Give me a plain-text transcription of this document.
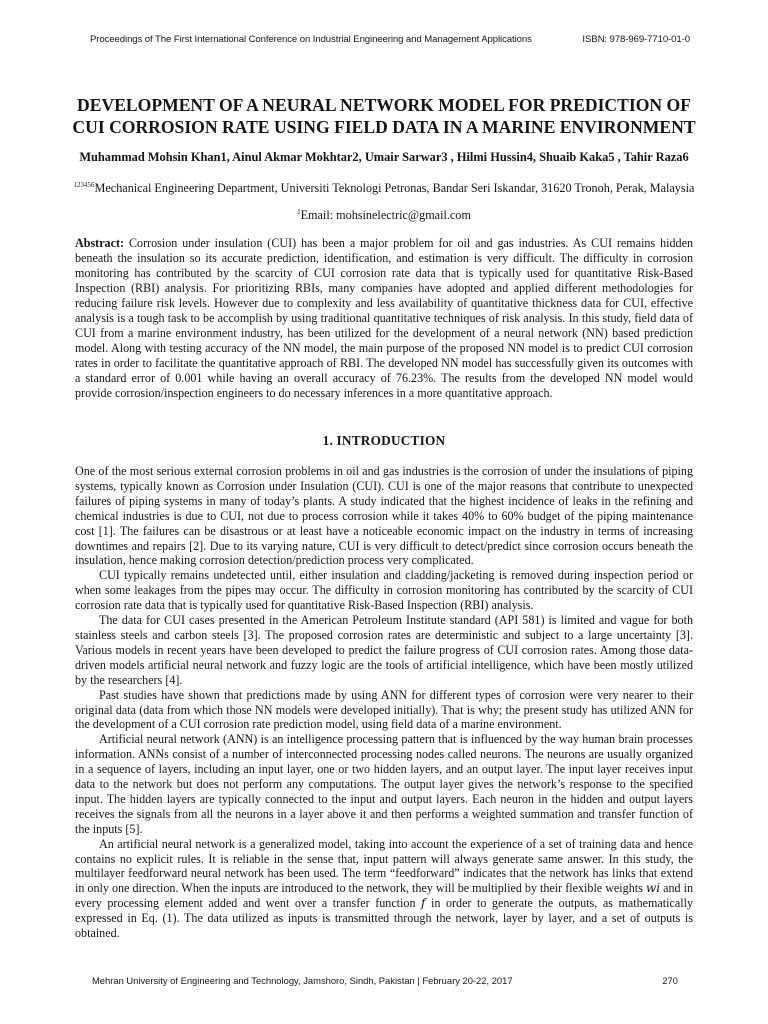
Proceedings of The First International Conference on Industrial Engineering and Management Applications	ISBN: 978-969-7710-01-0
DEVELOPMENT OF A NEURAL NETWORK MODEL FOR PREDICTION OF CUI CORROSION RATE USING FIELD DATA IN A MARINE ENVIRONMENT
Muhammad Mohsin Khan1, Ainul Akmar Mokhtar2, Umair Sarwar3 , Hilmi Hussin4, Shuaib Kaka5 , Tahir Raza6
$^{123456}$Mechanical Engineering Department, Universiti Teknologi Petronas, Bandar Seri Iskandar, 31620 Tronoh, Perak, Malaysia
$^1$Email: mohsinelectric@gmail.com
Abstract: Corrosion under insulation (CUI) has been a major problem for oil and gas industries. As CUI remains hidden beneath the insulation so its accurate prediction, identification, and estimation is very difficult. The difficulty in corrosion monitoring has contributed by the scarcity of CUI corrosion rate data that is typically used for quantitative Risk-Based Inspection (RBI) analysis. For prioritizing RBIs, many companies have adopted and applied different methodologies for reducing failure risk levels. However due to complexity and less availability of quantitative thickness data for CUI, effective analysis is a tough task to be accomplish by using traditional quantitative techniques of risk analysis. In this study, field data of CUI from a marine environment industry, has been utilized for the development of a neural network (NN) based prediction model. Along with testing accuracy of the NN model, the main purpose of the proposed NN model is to predict CUI corrosion rates in order to facilitate the quantitative approach of RBI. The developed NN model has successfully given its outcomes with a standard error of 0.001 while having an overall accuracy of 76.23%. The results from the developed NN model would provide corrosion/inspection engineers to do necessary inferences in a more quantitative approach.
1. INTRODUCTION

One of the most serious external corrosion problems in oil and gas industries is the corrosion of under the insulations of piping systems, typically known as Corrosion under Insulation (CUI). CUI is one of the major reasons that contribute to unexpected failures of piping systems in many of today’s plants. A study indicated that the highest incidence of leaks in the refining and chemical industries is due to CUI, not due to process corrosion while it takes 40% to 60% budget of the piping maintenance cost [1]. The failures can be disastrous or at least have a noticeable economic impact on the industry in terms of increasing downtimes and repairs [2]. Due to its varying nature, CUI is very difficult to detect/predict since corrosion occurs beneath the insulation, hence making corrosion detection/prediction process very complicated.

CUI typically remains undetected until, either insulation and cladding/jacketing is removed during inspection period or when some leakages from the pipes may occur. The difficulty in corrosion monitoring has contributed by the scarcity of CUI corrosion rate data that is typically used for quantitative Risk-Based Inspection (RBI) analysis.

The data for CUI cases presented in the American Petroleum Institute standard (API 581) is limited and vague for both stainless steels and carbon steels [3]. The proposed corrosion rates are deterministic and subject to a large uncertainty [3]. Various models in recent years have been developed to predict the failure progress of CUI corrosion rates. Among those data-driven models artificial neural network and fuzzy logic are the tools of artificial intelligence, which have been mostly utilized by the researchers [4].

Past studies have shown that predictions made by using ANN for different types of corrosion were very nearer to their original data (data from which those NN models were developed initially). That is why; the present study has utilized ANN for the development of a CUI corrosion rate prediction model, using field data of a marine environment.

Artificial neural network (ANN) is an intelligence processing pattern that is influenced by the way human brain processes information. ANNs consist of a number of interconnected processing nodes called neurons. The neurons are usually organized in a sequence of layers, including an input layer, one or two hidden layers, and an output layer. The input layer receives input data to the network but does not perform any computations. The output layer gives the network’s response to the specified input. The hidden layers are typically connected to the input and output layers. Each neuron in the hidden and output layers receives the signals from all the neurons in a layer above it and then performs a weighted summation and transfer function of the inputs [5].

An artificial neural network is a generalized model, taking into account the experience of a set of training data and hence contains no explicit rules. It is reliable in the sense that, input pattern will always generate same answer. In this study, the multilayer feedforward neural network has been used. The term “feedforward” indicates that the network has links that extend in only one direction. When the inputs are introduced to the network, they will be multiplied by their flexible weights 𝑤𝑖 and in every processing element added and went over a transfer function 𝑓 in order to generate the outputs, as mathematically expressed in Eq. (1). The data utilized as inputs is transmitted through the network, layer by layer, and a set of outputs is obtained.

Mehran University of Engineering and Technology, Jamshoro, Sindh, Pakistan | February 20-22, 2017	270
